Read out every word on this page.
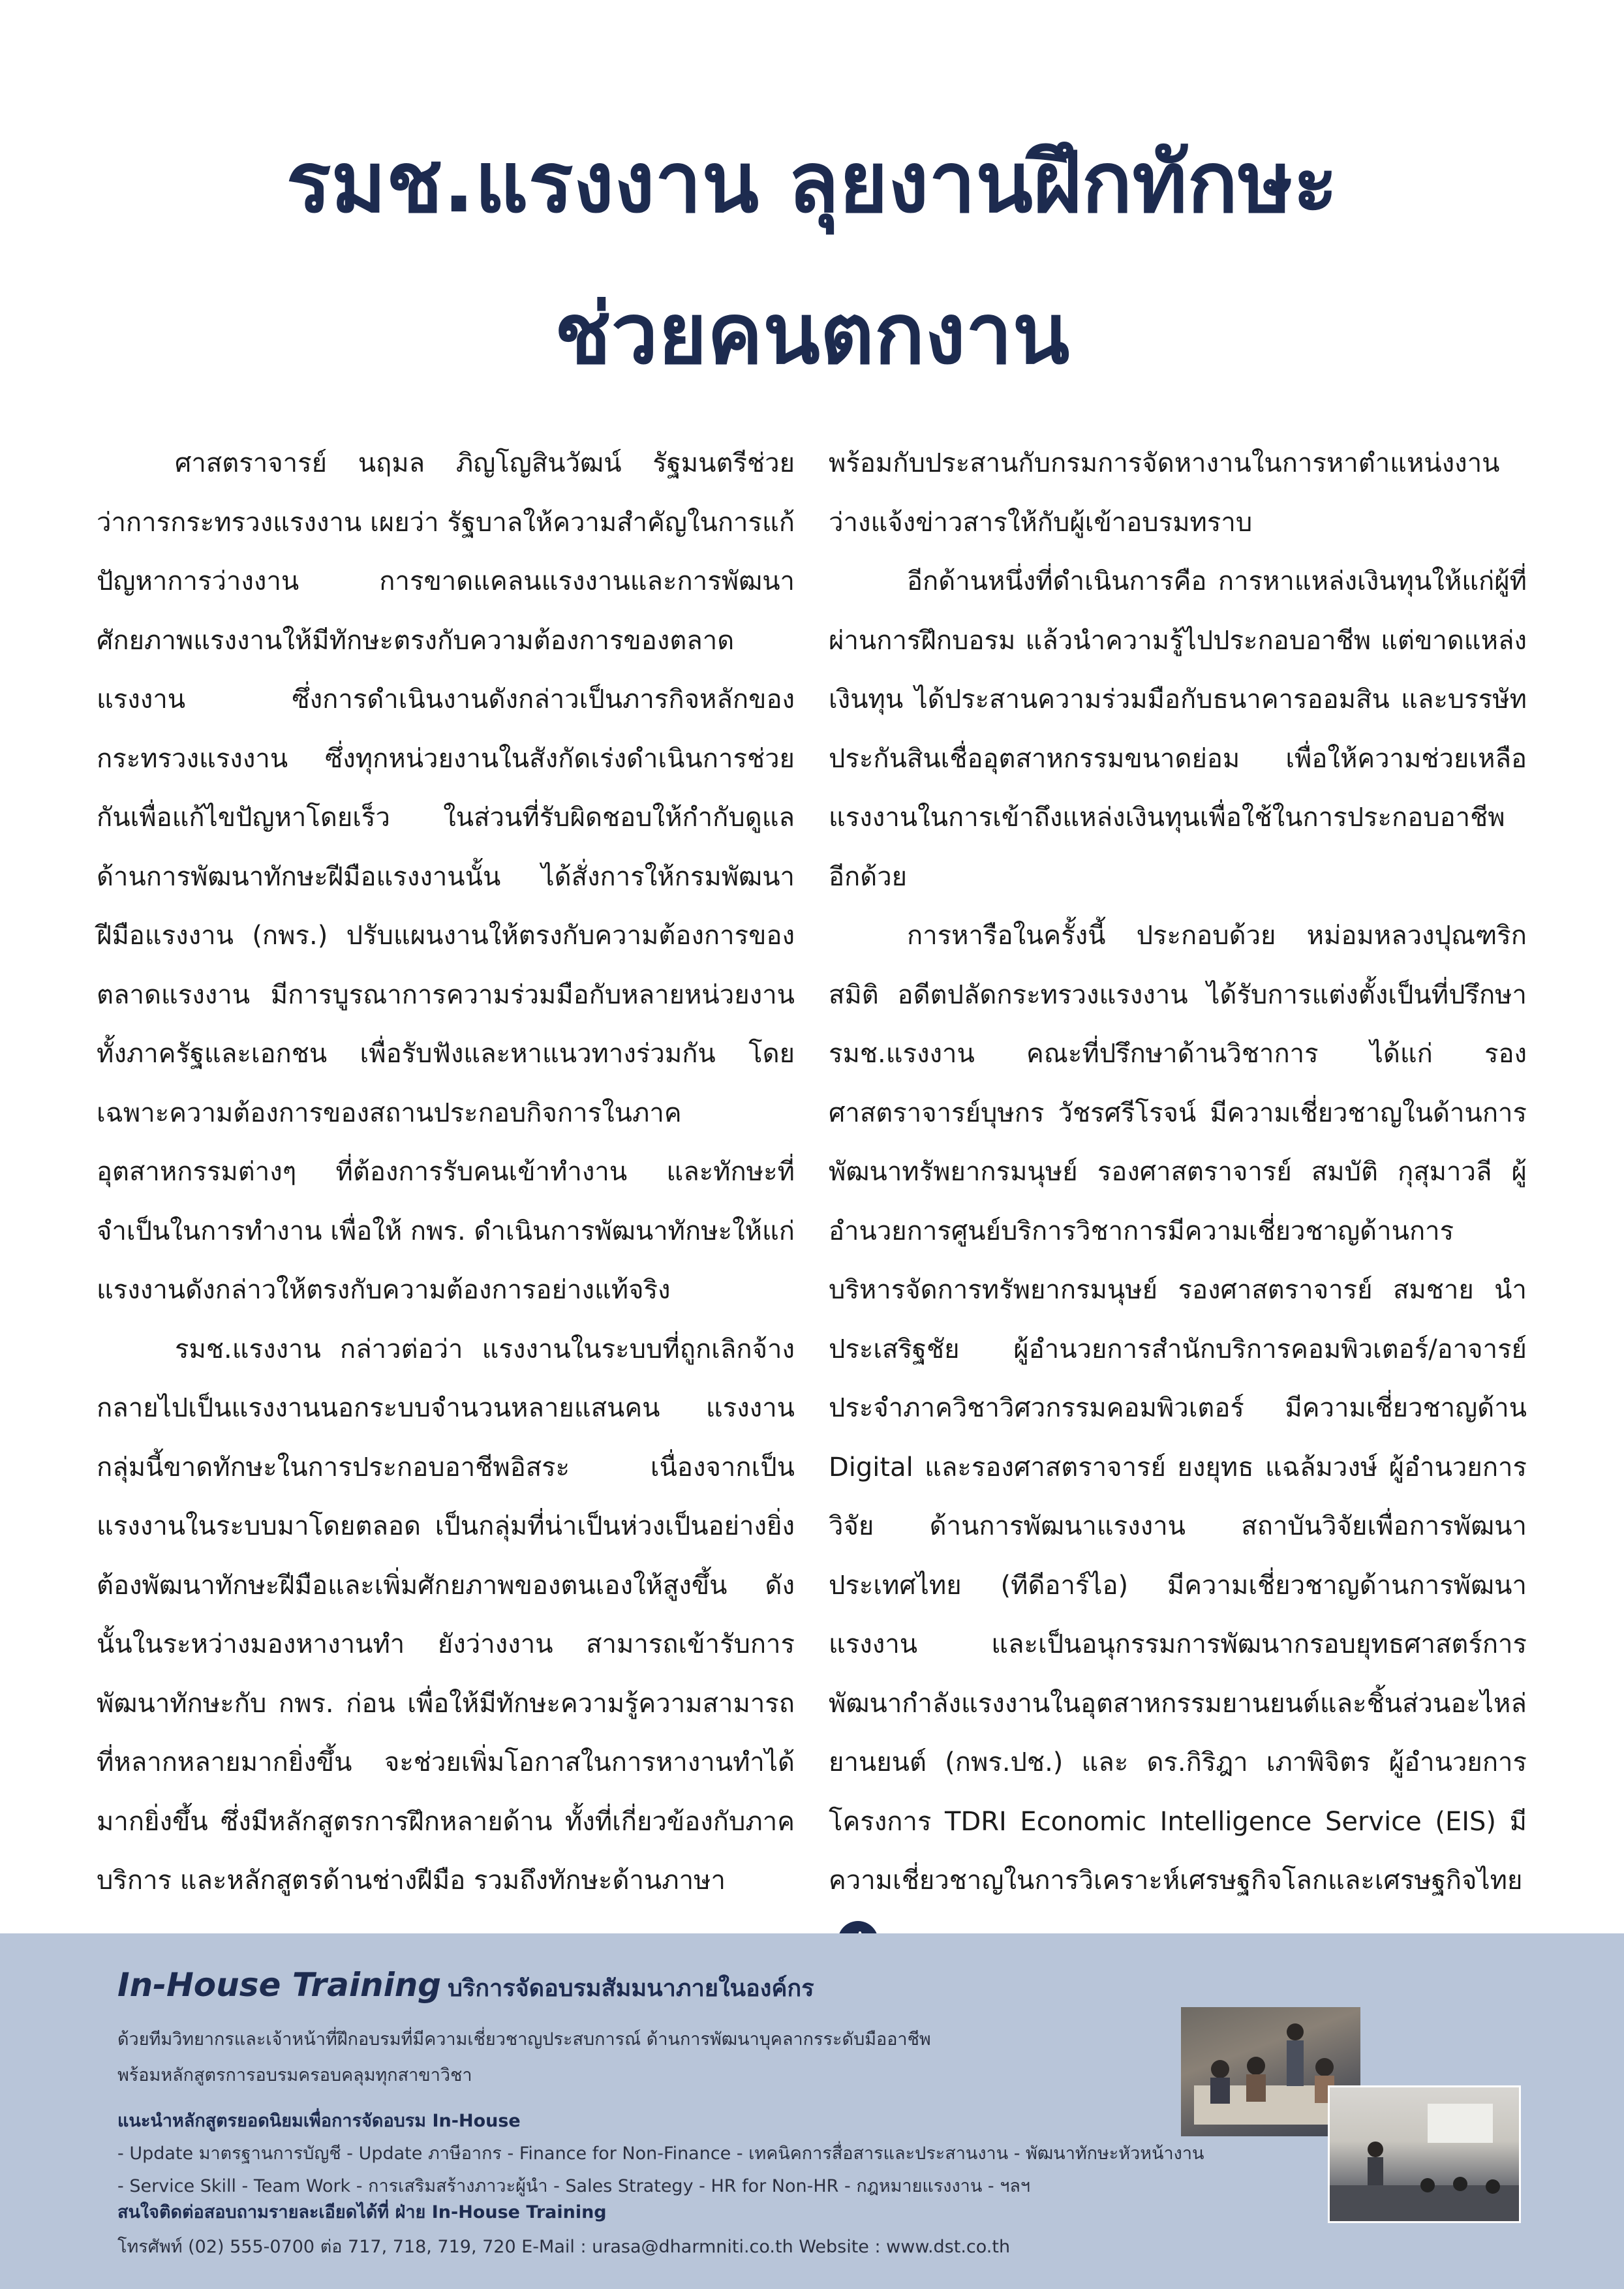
รมช.แรงงาน ลุยงานฝึกทักษะ
ช่วยคนตกงาน

ศาสตราจารย์ นฤมล ภิญโญสินวัฒน์ รัฐมนตรีช่วยว่าการกระทรวงแรงงาน เผยว่า รัฐบาลให้ความสำคัญในการแก้ปัญหาการว่างงาน การขาดแคลนแรงงานและการพัฒนาศักยภาพแรงงานให้มีทักษะตรงกับความต้องการของตลาดแรงงาน ซึ่งการดำเนินงานดังกล่าวเป็นภารกิจหลักของกระทรวงแรงงาน ซึ่งทุกหน่วยงานในสังกัดเร่งดำเนินการช่วยกันเพื่อแก้ไขปัญหาโดยเร็ว ในส่วนที่รับผิดชอบให้กำกับดูแลด้านการพัฒนาทักษะฝีมือแรงงานนั้น ได้สั่งการให้กรมพัฒนาฝีมือแรงงาน (กพร.) ปรับแผนงานให้ตรงกับความต้องการของตลาดแรงงาน มีการบูรณาการความร่วมมือกับหลายหน่วยงาน ทั้งภาครัฐและเอกชน เพื่อรับฟังและหาแนวทางร่วมกัน โดยเฉพาะความต้องการของสถานประกอบกิจการในภาคอุตสาหกรรมต่างๆ ที่ต้องการรับคนเข้าทำงาน และทักษะที่จำเป็นในการทำงาน เพื่อให้ กพร. ดำเนินการพัฒนาทักษะให้แก่แรงงานดังกล่าวให้ตรงกับความต้องการอย่างแท้จริง

รมช.แรงงาน กล่าวต่อว่า แรงงานในระบบที่ถูกเลิกจ้างกลายไปเป็นแรงงานนอกระบบจำนวนหลายแสนคน แรงงานกลุ่มนี้ขาดทักษะในการประกอบอาชีพอิสระ เนื่องจากเป็นแรงงานในระบบมาโดยตลอด เป็นกลุ่มที่น่าเป็นห่วงเป็นอย่างยิ่ง ต้องพัฒนาทักษะฝีมือและเพิ่มศักยภาพของตนเองให้สูงขึ้น ดังนั้นในระหว่างมองหางานทำ ยังว่างงาน สามารถเข้ารับการพัฒนาทักษะกับ กพร. ก่อน เพื่อให้มีทักษะความรู้ความสามารถที่หลากหลายมากยิ่งขึ้น จะช่วยเพิ่มโอกาสในการหางานทำได้มากยิ่งขึ้น ซึ่งมีหลักสูตรการฝึกหลายด้าน ทั้งที่เกี่ยวข้องกับภาคบริการ และหลักสูตรด้านช่างฝีมือ รวมถึงทักษะด้านภาษา

พร้อมกับประสานกับกรมการจัดหางานในการหาตำแหน่งงานว่างแจ้งข่าวสารให้กับผู้เข้าอบรมทราบ

อีกด้านหนึ่งที่ดำเนินการคือ การหาแหล่งเงินทุนให้แก่ผู้ที่ผ่านการฝึกบอรม แล้วนำความรู้ไปประกอบอาชีพ แต่ขาดแหล่งเงินทุน ได้ประสานความร่วมมือกับธนาคารออมสิน และบรรษัทประกันสินเชื่ออุตสาหกรรมขนาดย่อม เพื่อให้ความช่วยเหลือแรงงานในการเข้าถึงแหล่งเงินทุนเพื่อใช้ในการประกอบอาชีพอีกด้วย

การหารือในครั้งนี้ ประกอบด้วย หม่อมหลวงปุณฑริก สมิติ อดีตปลัดกระทรวงแรงงาน ได้รับการแต่งตั้งเป็นที่ปรึกษา รมช.แรงงาน คณะที่ปรึกษาด้านวิชาการ ได้แก่ รองศาสตราจารย์บุษกร วัชรศรีโรจน์ มีความเชี่ยวชาญในด้านการพัฒนาทรัพยากรมนุษย์ รองศาสตราจารย์ สมบัติ กุสุมาวลี ผู้อำนวยการศูนย์บริการวิชาการมีความเชี่ยวชาญด้านการบริหารจัดการทรัพยากรมนุษย์ รองศาสตราจารย์ สมชาย นำประเสริฐชัย ผู้อำนวยการสำนักบริการคอมพิวเตอร์/อาจารย์ประจำภาควิชาวิศวกรรมคอมพิวเตอร์ มีความเชี่ยวชาญด้าน Digital และรองศาสตราจารย์ ยงยุทธ แฉล้มวงษ์ ผู้อำนวยการวิจัย ด้านการพัฒนาแรงงาน สถาบันวิจัยเพื่อการพัฒนาประเทศไทย (ทีดีอาร์ไอ) มีความเชี่ยวชาญด้านการพัฒนาแรงงาน และเป็นอนุกรรมการพัฒนากรอบยุทธศาสตร์การพัฒนากำลังแรงงานในอุตสาหกรรมยานยนต์และชิ้นส่วนอะไหล่ยานยนต์ (กพร.ปช.) และ ดร.กิริฎา เภาพิจิตร ผู้อำนวยการโครงการ TDRI Economic Intelligence Service (EIS) มีความเชี่ยวชาญในการวิเคราะห์เศรษฐกิจโลกและเศรษฐกิจไทย

In-House Training บริการจัดอบรมสัมมนาภายในองค์กร
ด้วยทีมวิทยากรและเจ้าหน้าที่ฝึกอบรมที่มีความเชี่ยวชาญประสบการณ์ ด้านการพัฒนาบุคลากรระดับมืออาชีพ
พร้อมหลักสูตรการอบรมครอบคลุมทุกสาขาวิชา
แนะนำหลักสูตรยอดนิยมเพื่อการจัดอบรม In-House
- Update มาตรฐานการบัญชี - Update ภาษีอากร - Finance for Non-Finance - เทคนิคการสื่อสารและประสานงาน - พัฒนาทักษะหัวหน้างาน
- Service Skill - Team Work - การเสริมสร้างภาวะผู้นำ - Sales Strategy - HR for Non-HR - กฎหมายแรงงาน - ฯลฯ
สนใจติดต่อสอบถามรายละเอียดได้ที่ ฝ่าย In-House Training
โทรศัพท์ (02) 555-0700 ต่อ 717, 718, 719, 720 E-Mail : urasa@dharmniti.co.th Website : www.dst.co.th
